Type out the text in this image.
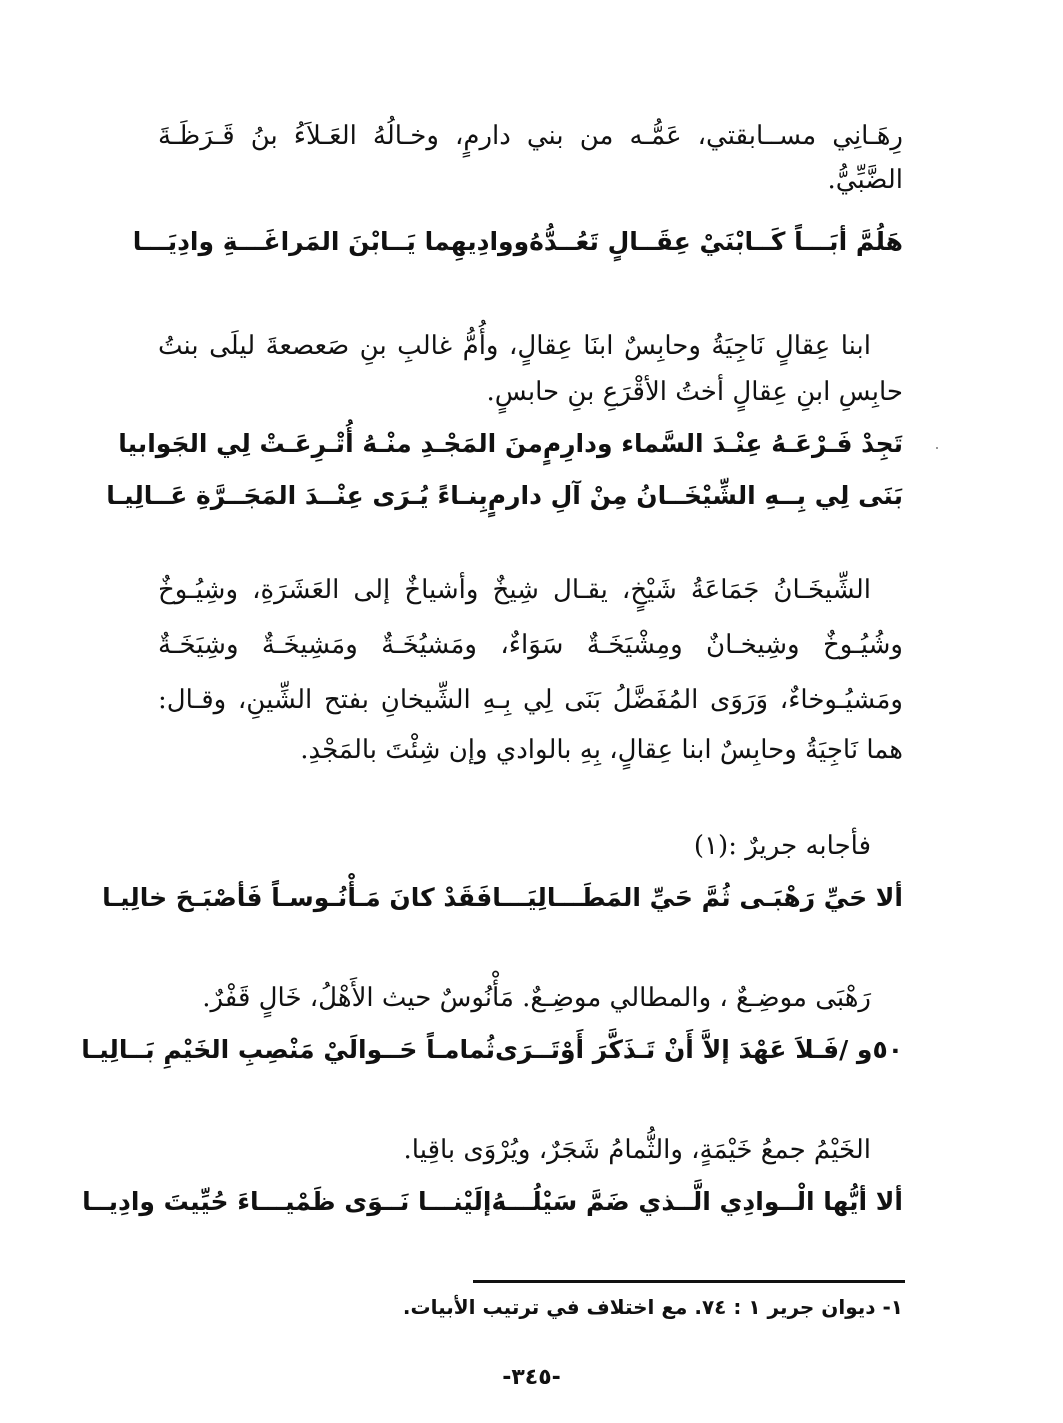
رِهَـانِي مســابقتي، عَمُّـه من بني دارمٍ، وخـالُهُ العَـلاَءُ بنُ قَـرَظَـةَ
الضَّبِّيُّ.
هَلُمَّ أبَـــاً كَــابْنَيْ عِقَــالٍ تَعُــدُّهُ
ووادِيهِما يَــابْنَ المَراغَـــةِ وادِيَـــا
ابنا عِقالٍ نَاجِيَةُ وحابِسٌ ابنَا عِقالٍ، وأُمُّ غالبِ بنِ صَعصعةَ ليلَى بنتُ
حابِسِ ابنِ عِقالٍ أختُ الأقْرَعِ بنِ حابسٍ.
تَجِدْ فَـرْعَـهُ عِنْـدَ السَّماء ودارِمٍ
منَ المَجْـدِ منْـهُ أُتْـرِعَـتْ لِي الجَوابيا
بَنَى لِي بِــهِ الشِّيْخَــانُ مِنْ آلِ دارمٍ
بِنـاءً يُـرَى عِنْــدَ المَجَــرَّةِ عَــالِيـا
الشِّيخَـانُ جَمَاعَةُ شَيْخٍ، يقـال شِيخٌ وأشياخٌ إلى العَشَرَةِ، وشِيُـوخٌ
وشُيُـوخٌ وشِيخـانٌ ومِشْيَخَـةٌ سَوَاءٌ، ومَشيُخَـةٌ ومَشِيخَـةٌ وشِيَخَـةٌ
ومَشيُـوخاءٌ، وَرَوَى المُفَضَّلُ بَنَى لِي بِـهِ الشِّيخانِ بفتح الشِّينِ، وقـال:
هما نَاجِيَةُ وحابِسٌ ابنا عِقالٍ، بِهِ بالوادي وإن شِئْتَ بالمَجْدِ.
فأجابه جريرٌ :(١)
ألا حَيِّ رَهْبَـى ثُمَّ حَيِّ المَطَـــالِيَـــا
فَقَدْ كانَ مَـأْنُـوسـاً فَأصْبَـحَ خالِيـا
رَهْبَى موضِـعٌ ، والمطالي موضِـعٌ. مَأْنُوسٌ حيث الأَهْلُ، خَالٍ قَفْرٌ.
٥٠و /فَـلاَ عَهْدَ إلاَّ أَنْ تَـذَكَّرَ أَوْتَــرَى
ثُمامـاً حَــوالَيْ مَنْصِبِ الخَيْمِ بَــالِيـا
الخَيْمُ جمعُ خَيْمَةٍ، والثُّمامُ شَجَرٌ، ويُرْوَى باقِيا.
ألا أيُّها الْــوادِي الَّــذي ضَمَّ سَيْلُـــهُ
إلَيْنـــا نَــوَى ظَمْيـــاءَ حُيِّيتَ وادِيــا
١- ديوان جرير ١ : ٧٤. مع اختلاف في ترتيب الأبيات.
-٣٤٥-
